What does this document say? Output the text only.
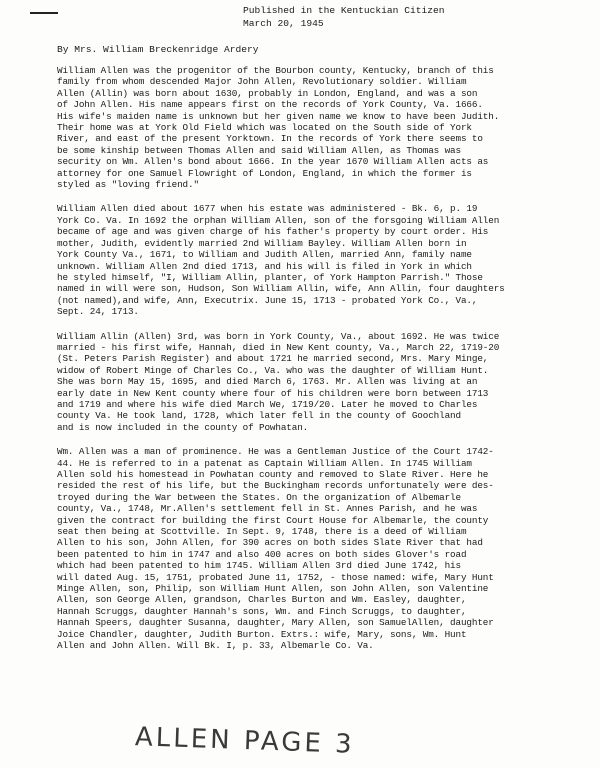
Published in the Kentuckian Citizen
March 20, 1945
By Mrs. William Breckenridge Ardery
William Allen was the progenitor of the Bourbon county, Kentucky, branch of this
family from whom descended Major John Allen, Revolutionary soldier. William
Allen (Allin) was born about 1630, probably in London, England, and was a son
of John Allen. His name appears first on the records of York County, Va. 1666.
His wife's maiden name is unknown but her given name we know to have been Judith.
Their home was at York Old Field which was located on the South side of York
River, and east of the present Yorktown. In the records of York there seems to
be some kinship between Thomas Allen and said William Allen, as Thomas was
security on Wm. Allen's bond about 1666. In the year 1670 William Allen acts as
attorney for one Samuel Flowright of London, England, in which the former is
styled as "loving friend."
William Allen died about 1677 when his estate was administered - Bk. 6, p. 19
York Co. Va. In 1692 the orphan William Allen, son of the forsgoing William Allen
became of age and was given charge of his father's property by court order. His
mother, Judith, evidently married 2nd William Bayley. William Allen born in
York County Va., 1671, to William and Judith Allen, married Ann, family name
unknown. William Allen 2nd died 1713, and his will is filed in York in which
he styled himself, "I, William Allin, planter, of York Hampton Parrish." Those
named in will were son, Hudson, Son William Allin, wife, Ann Allin, four daughters
(not named),and wife, Ann, Executrix. June 15, 1713 - probated York Co., Va.,
Sept. 24, 1713.
William Allin (Allen) 3rd, was born in York County, Va., about 1692. He was twice
married - his first wife, Hannah, died in New Kent county, Va., March 22, 1719-20
(St. Peters Parish Register) and about 1721 he married second, Mrs. Mary Minge,
widow of Robert Minge of Charles Co., Va. who was the daughter of William Hunt.
She was born May 15, 1695, and died March 6, 1763. Mr. Allen was living at an
early date in New Kent county where four of his children were born between 1713
and 1719 and where his wife died March We, 1719/20. Later he moved to Charles
county Va. He took land, 1728, which later fell in the county of Goochland
and is now included in the county of Powhatan.
Wm. Allen was a man of prominence. He was a Gentleman Justice of the Court 1742-
44. He is referred to in a patenat as Captain William Allen. In 1745 William
Allen sold his homestead in Powhatan county and removed to Slate River. Here he
resided the rest of his life, but the Buckingham records unfortunately were des-
troyed during the War between the States. On the organization of Albemarle
county, Va., 1748, Mr.Allen's settlement fell in St. Annes Parish, and he was
given the contract for building the first Court House for Albemarle, the county
seat then being at Scottville. In Sept. 9, 1748, there is a deed of William
Allen to his son, John Allen, for 390 acres on both sides Slate River that had
been patented to him in 1747 and also 400 acres on both sides Glover's road
which had been patented to him 1745. William Allen 3rd died June 1742, his
will dated Aug. 15, 1751, probated June 11, 1752, - those named: wife, Mary Hunt
Minge Allen, son, Philip, son William Hunt Allen, son John Allen, son Valentine
Allen, son George Allen, grandson, Charles Burton and Wm. Easley, daughter,
Hannah Scruggs, daughter Hannah's sons, Wm. and Finch Scruggs, to daughter,
Hannah Speers, daughter Susanna, daughter, Mary Allen, son SamuelAllen, daughter
Joice Chandler, daughter, Judith Burton. Extrs.: wife, Mary, sons, Wm. Hunt
Allen and John Allen. Will Bk. I, p. 33, Albemarle Co. Va.
ALLEN PAGE 3
